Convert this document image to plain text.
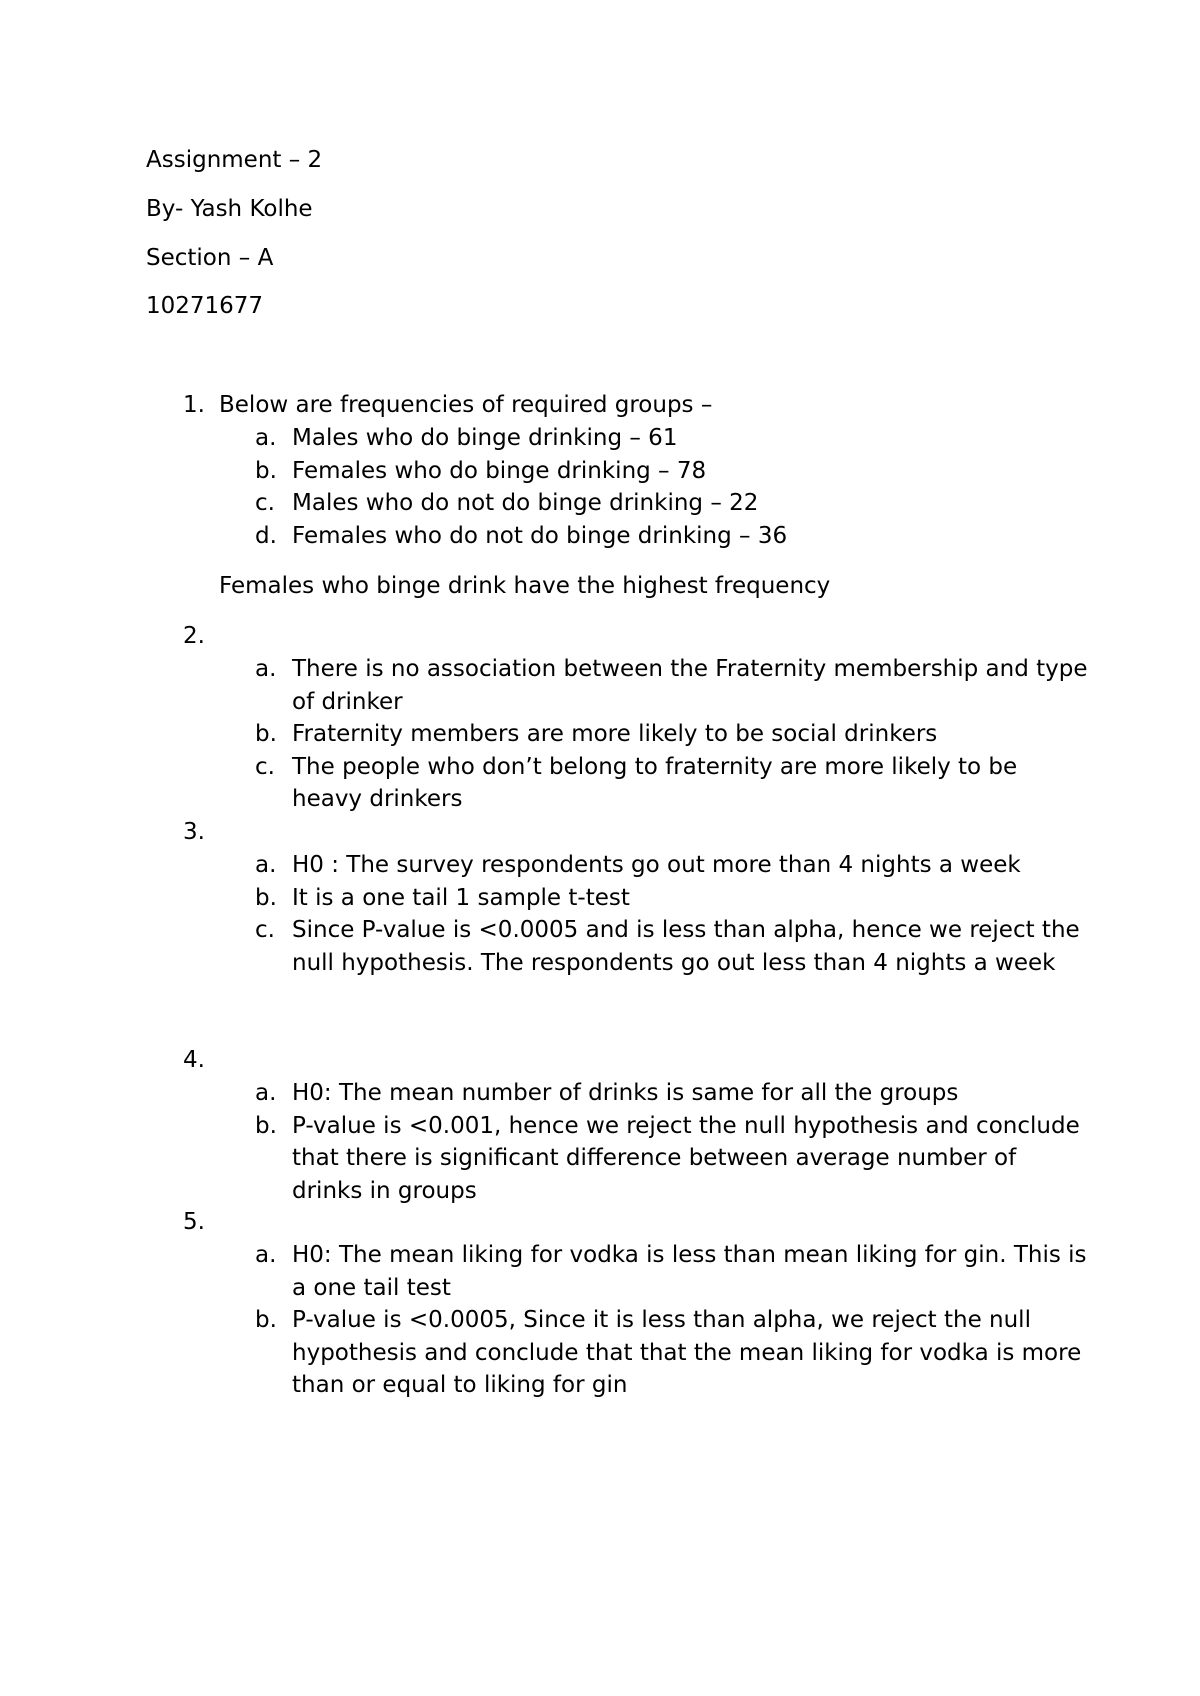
Assignment – 2

By- Yash Kolhe

Section – A

10271677

1. Below are frequencies of required groups –
a. Males who do binge drinking – 61
b. Females who do binge drinking – 78
c. Males who do not do binge drinking – 22
d. Females who do not do binge drinking – 36
Females who binge drink have the highest frequency
2.
a. There is no association between the Fraternity membership and type of drinker
b. Fraternity members are more likely to be social drinkers
c. The people who don’t belong to fraternity are more likely to be heavy drinkers
3.
a. H0 : The survey respondents go out more than 4 nights a week
b. It is a one tail 1 sample t-test
c. Since P-value is <0.0005 and is less than alpha, hence we reject the null hypothesis. The respondents go out less than 4 nights a week
4.
a. H0: The mean number of drinks is same for all the groups
b. P-value is <0.001, hence we reject the null hypothesis and conclude that there is significant difference between average number of drinks in groups
5.
a. H0: The mean liking for vodka is less than mean liking for gin. This is a one tail test
b. P-value is <0.0005, Since it is less than alpha, we reject the null hypothesis and conclude that that the mean liking for vodka is more than or equal to liking for gin
